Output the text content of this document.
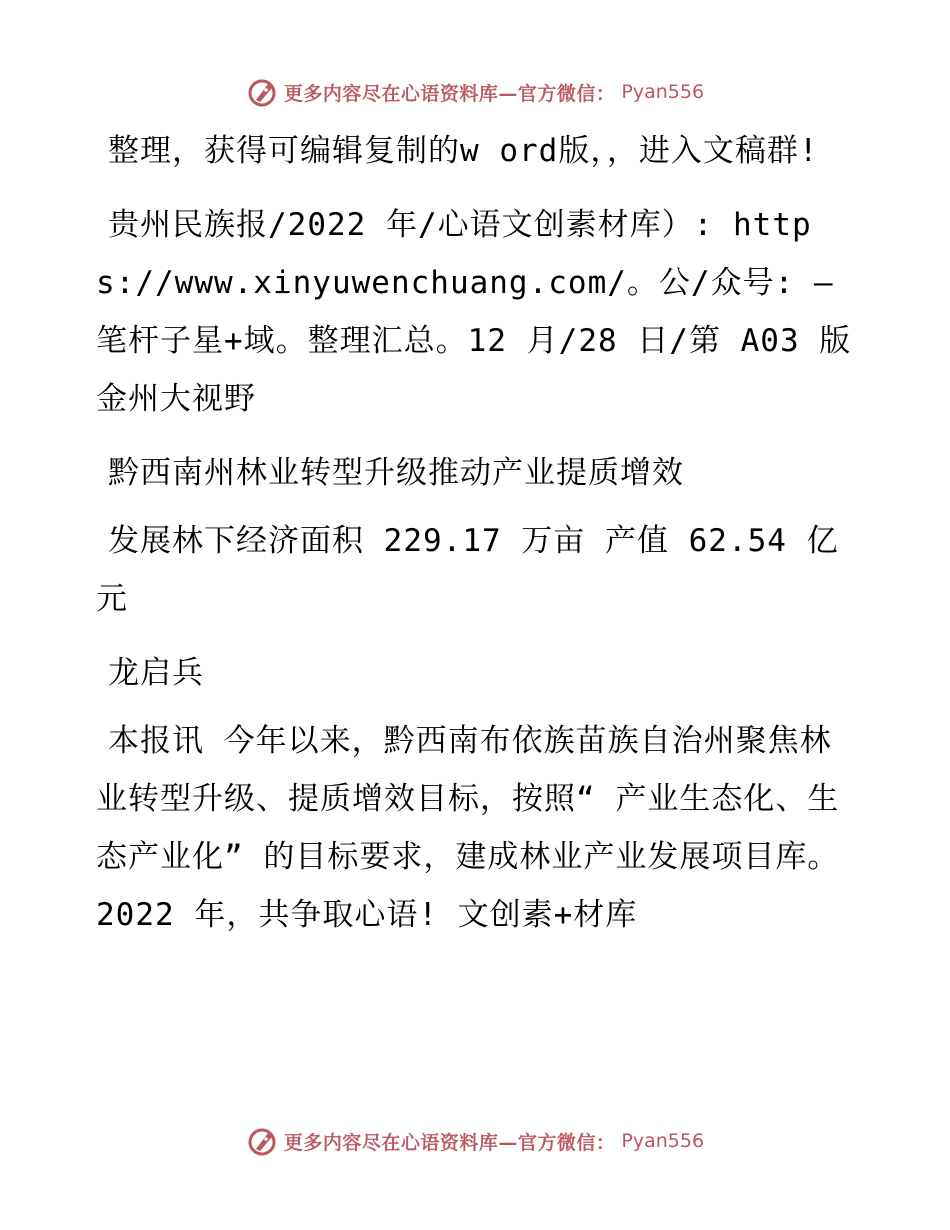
更多内容尽在心语资料库—官方微信： Pyan556

整理，获得可编辑复制的w ord版，，进入文稿群!

贵州民族报/2022 年/心语文创素材库）: https://www.xinyuwenchuang.com/。公/众号: —笔杆子星+域。整理汇总。12 月/28 日/第 A03 版金州大视野

黔西南州林业转型升级推动产业提质增效

发展林下经济面积 229.17 万亩 产值 62.54 亿元

龙启兵

本报讯 今年以来，黔西南布依族苗族自治州聚焦林业转型升级、提质增效目标，按照“ 产业生态化、生态产业化” 的目标要求，建成林业产业发展项目库。2022 年，共争取心语! 文创素+材库

更多内容尽在心语资料库—官方微信： Pyan556
